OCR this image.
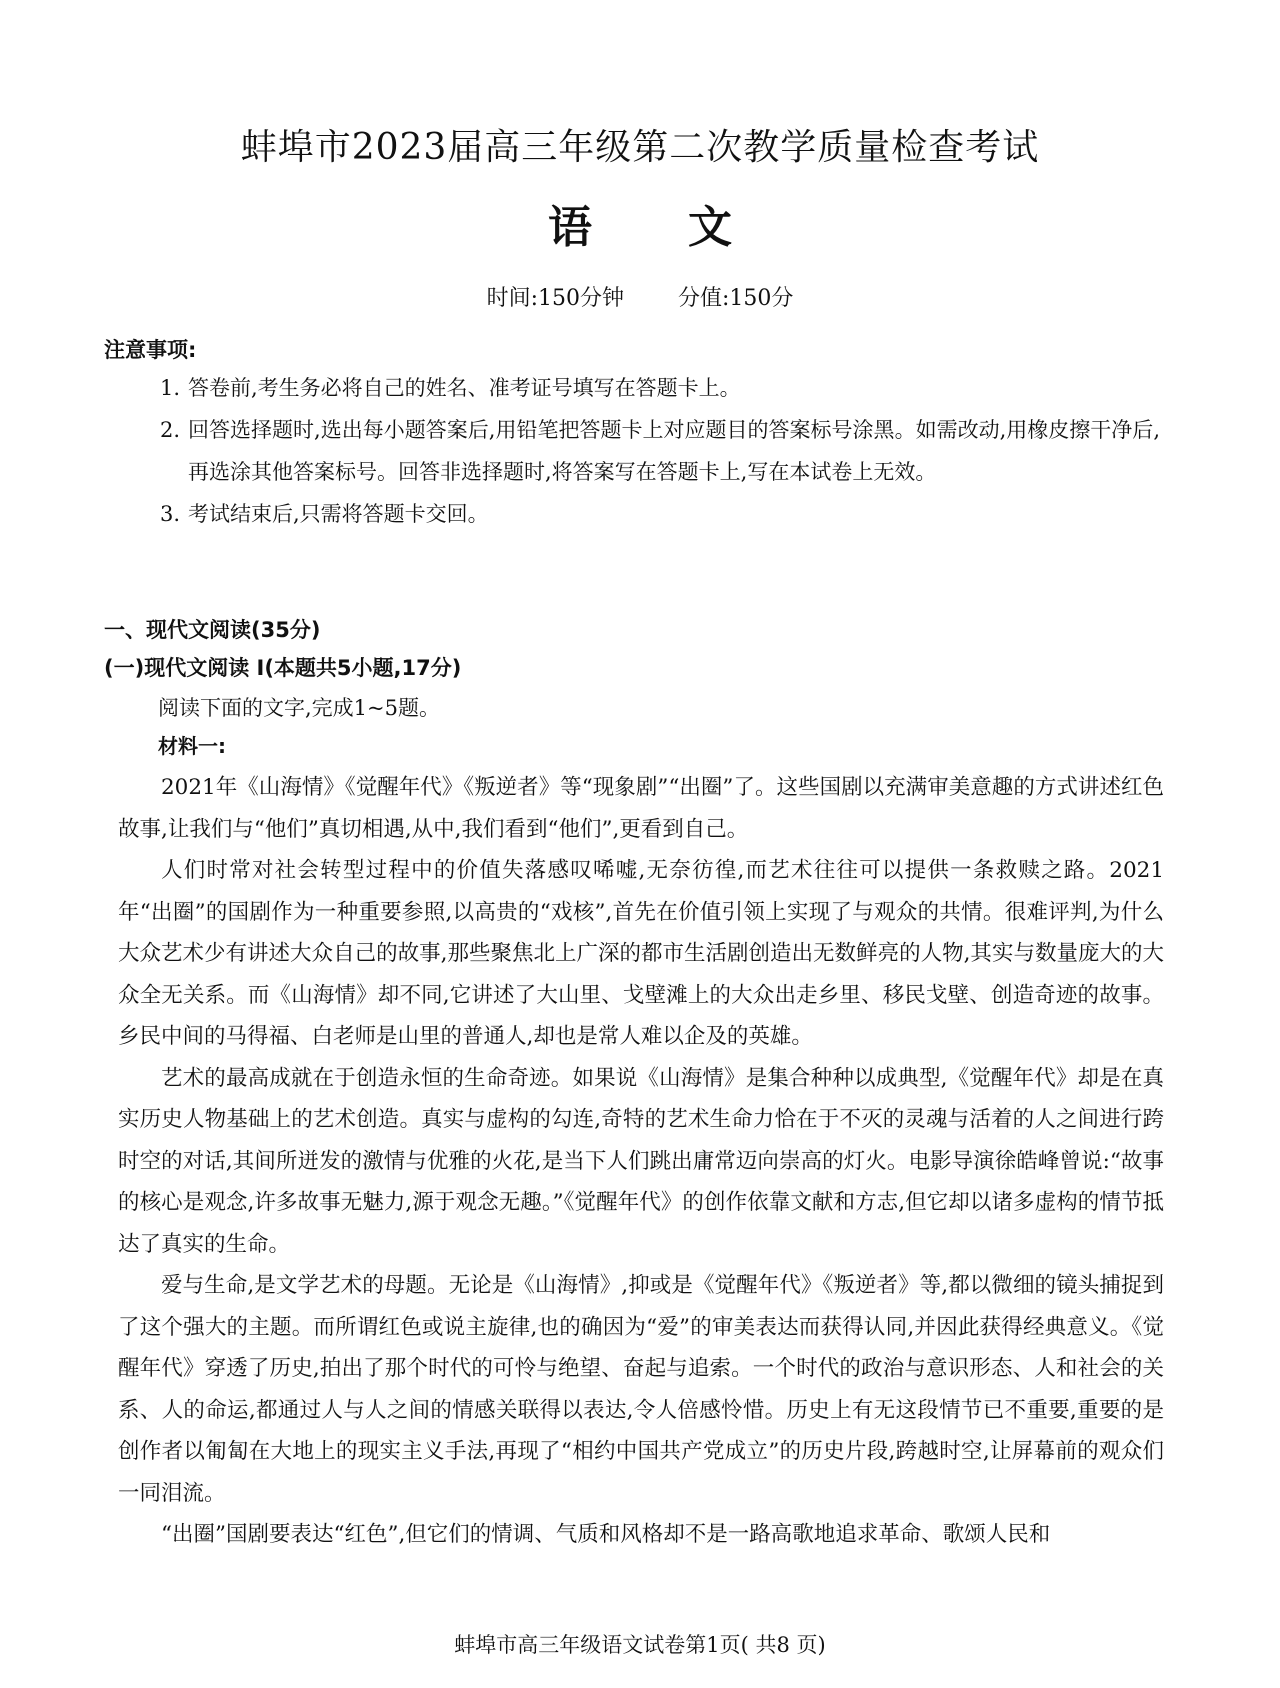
蚌埠市2023届高三年级第二次教学质量检查考试
语 文
时间:150分钟 分值:150分
注意事项:
1. 答卷前,考生务必将自己的姓名、准考证号填写在答题卡上。
2. 回答选择题时,选出每小题答案后,用铅笔把答题卡上对应题目的答案标号涂黑。如需改动,用橡皮擦干净后,再选涂其他答案标号。回答非选择题时,将答案写在答题卡上,写在本试卷上无效。
3. 考试结束后,只需将答题卡交回。
一、现代文阅读(35分)
(一)现代文阅读 I(本题共5小题,17分)
阅读下面的文字,完成1~5题。
材料一:

2021年《山海情》《觉醒年代》《叛逆者》等“现象剧”“出圈”了。这些国剧以充满审美意趣的方式讲述红色故事,让我们与“他们”真切相遇,从中,我们看到“他们”,更看到自己。

人们时常对社会转型过程中的价值失落感叹唏嘘,无奈彷徨,而艺术往往可以提供一条救赎之路。2021年“出圈”的国剧作为一种重要参照,以高贵的“戏核”,首先在价值引领上实现了与观众的共情。很难评判,为什么大众艺术少有讲述大众自己的故事,那些聚焦北上广深的都市生活剧创造出无数鲜亮的人物,其实与数量庞大的大众全无关系。而《山海情》却不同,它讲述了大山里、戈壁滩上的大众出走乡里、移民戈壁、创造奇迹的故事。乡民中间的马得福、白老师是山里的普通人,却也是常人难以企及的英雄。

艺术的最高成就在于创造永恒的生命奇迹。如果说《山海情》是集合种种以成典型,《觉醒年代》却是在真实历史人物基础上的艺术创造。真实与虚构的勾连,奇特的艺术生命力恰在于不灭的灵魂与活着的人之间进行跨时空的对话,其间所迸发的激情与优雅的火花,是当下人们跳出庸常迈向崇高的灯火。电影导演徐皓峰曾说:“故事的核心是观念,许多故事无魅力,源于观念无趣。”《觉醒年代》的创作依靠文献和方志,但它却以诸多虚构的情节抵达了真实的生命。

爱与生命,是文学艺术的母题。无论是《山海情》,抑或是《觉醒年代》《叛逆者》等,都以微细的镜头捕捉到了这个强大的主题。而所谓红色或说主旋律,也的确因为“爱”的审美表达而获得认同,并因此获得经典意义。《觉醒年代》穿透了历史,拍出了那个时代的可怜与绝望、奋起与追索。一个时代的政治与意识形态、人和社会的关系、人的命运,都通过人与人之间的情感关联得以表达,令人倍感怜惜。历史上有无这段情节已不重要,重要的是创作者以匍匐在大地上的现实主义手法,再现了“相约中国共产党成立”的历史片段,跨越时空,让屏幕前的观众们一同泪流。

“出圈”国剧要表达“红色”,但它们的情调、气质和风格却不是一路高歌地追求革命、歌颂人民和

蚌埠市高三年级语文试卷第1页( 共8 页)
